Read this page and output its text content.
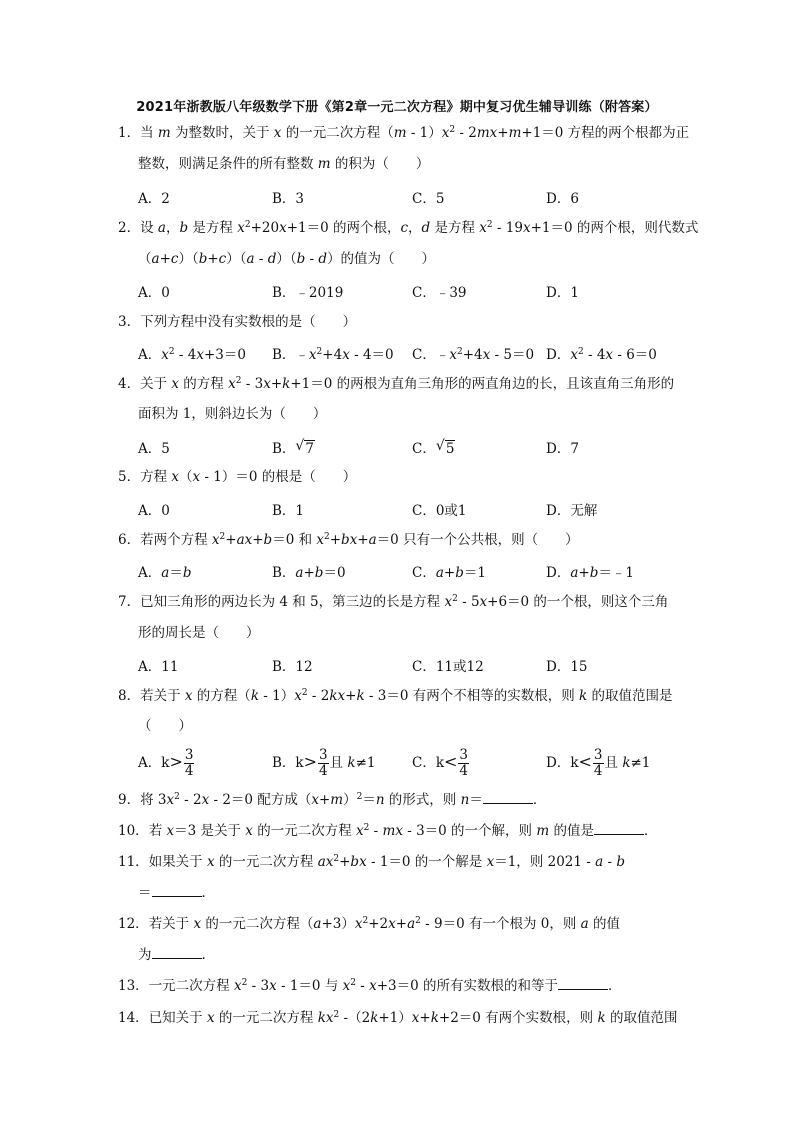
2021年浙教版八年级数学下册《第2章一元二次方程》期中复习优生辅导训练（附答案）
1．当 m 为整数时，关于 x 的一元二次方程$(m - 1)x^2 - 2mx+m+1=0$ 方程的两个根都为正
整数，则满足条件的所有整数 m 的积为（　　）
A．2	B．3	C．5	D．6
2．设 a，b 是方程 $x^2+20x+1=0$ 的两个根，c，d 是方程 $x^2 - 19x+1=0$ 的两个根，则代数式
（a+c）（b+c）（a - d）（b - d）的值为（　　）
A．0	B．﹣2019	C．﹣39	D．1
3．下列方程中没有实数根的是（　　）
A．$x^2 - 4x+3=0$ B．$﹣x^2+4x - 4=0$ C．$﹣x^2+4x - 5=0$ D．$x^2 - 4x - 6=0$
4．关于 x 的方程 $x^2 - 3x+k+1=0$ 的两根为直角三角形的两直角边的长，且该直角三角形的
面积为 1，则斜边长为（　　）
A．5	B． √ 7	C． √ 5	D．7
5．方程 x（x - 1）＝0 的根是（　　）
A．0	B．1	C．0或1	D．无解
6．若两个方程 $x^2+ax+b=0$ 和 $x^2+bx+a=0$ 只有一个公共根，则（　　）
A．a＝b	B．a+b＝0	C．a+b＝1	D．a+b＝﹣1
7．已知三角形的两边长为 4 和 5，第三边的长是方程 $x^2 - 5x+6=0$ 的一个根，则这个三角
形的周长是（　　）
A．11	B．12	C．11或12	D．15
8．若关于 x 的方程$(k - 1)x^2 - 2kx+k - 3=0$ 有两个不相等的实数根，则 k 的取值范围是
（　　）
A．$k> \frac{3}{4}$	B．$k> \frac{3}{4}$ 且 k≠1	C．$k< \frac{3}{4}$	D．$k< \frac{3}{4}$ 且 k≠1
9．将 $3x^2 - 2x - 2=0$ 配方成$(x+m)^2=n$ 的形式，则 n＝	．
10．若 x＝3 是关于 x 的一元二次方程 $x^2$ - mx - 3＝0 的一个解，则 m 的值是	．
11．如果关于 x 的一元二次方程 $ax^2+bx - 1=0$ 的一个解是 x＝1，则 2021 - a - b
＝	．
12．若关于 x 的一元二次方程$(a+3)x^2+2x+a^2 - 9=0$ 有一个根为 0，则 a 的值
为	．
13．一元二次方程 $x^2 - 3x - 1=0$ 与 $x^2 - x+3=0$ 的所有实数根的和等于	．
14．已知关于 x 的一元二次方程 $kx^2$ -（2k+1）x+k+2＝0 有两个实数根，则 k 的取值范围
